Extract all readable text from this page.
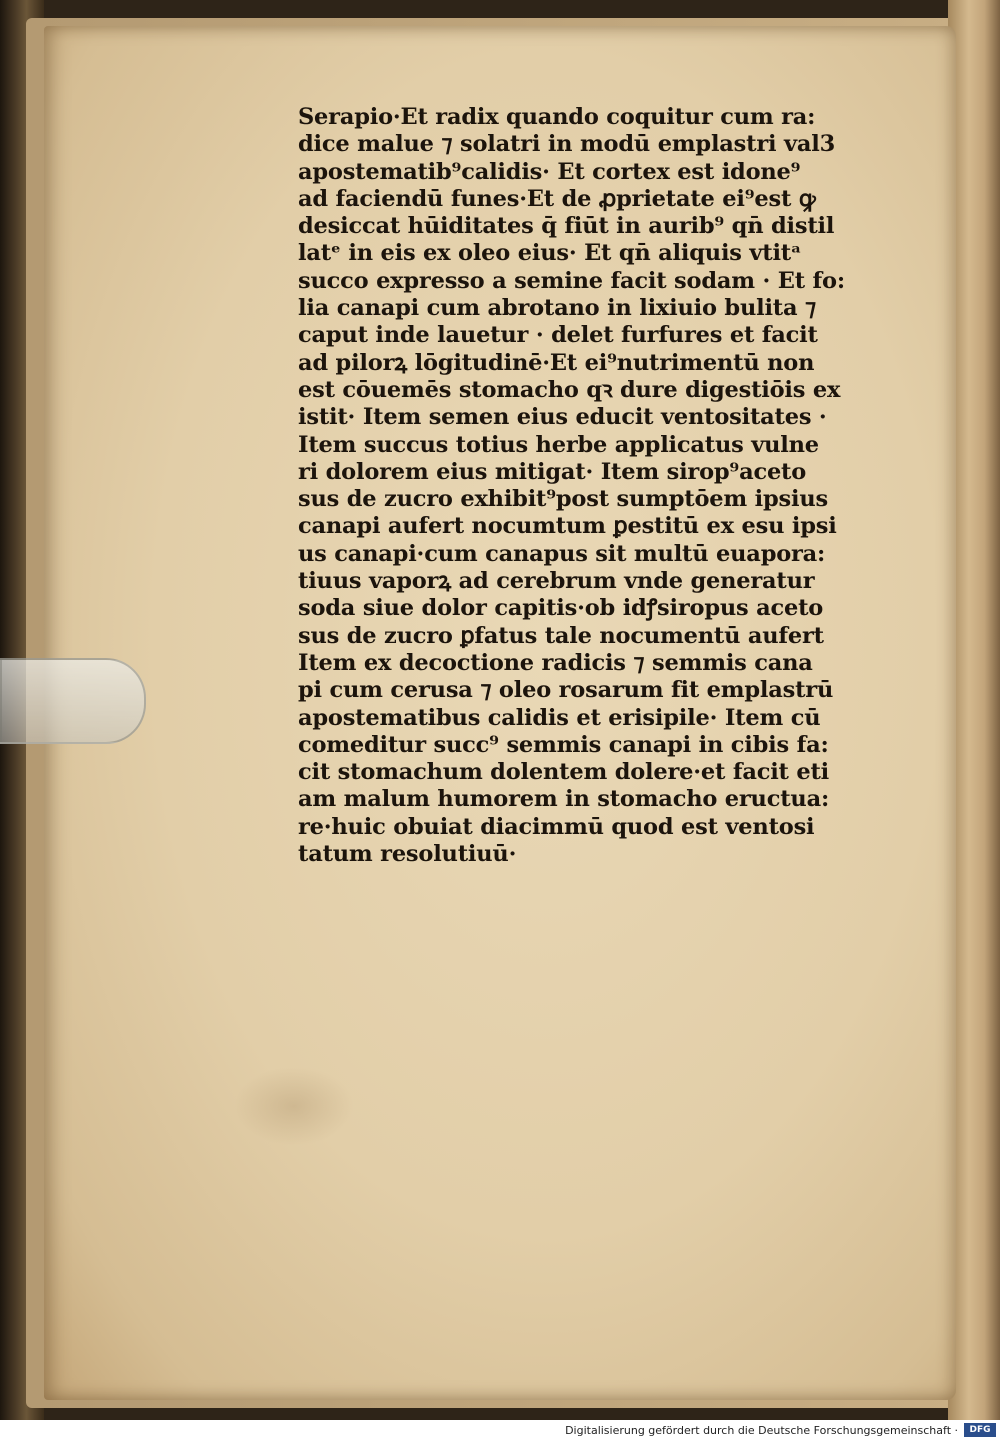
Serapio·Et radix quando coquitur cum ra:
dice malue ⁊ solatri in modū emplastri val3
apostematib⁹calidis· Et cortex est idone⁹
ad faciendū funes·Et de ꝓprietate ei⁹est ꝙ
desiccat hūiditates q̄ fiūt in aurib⁹ qn̄ distil
latᵉ in eis ex oleo eius· Et qn̄ aliquis vtitᵃ
succo expresso a semine facit sodam · Et fo:
lia canapi cum abrotano in lixiuio bulita ⁊
caput inde lauetur · delet furfures et facit
ad pilorꝝ lōgitudinē·Et ei⁹nutrimentū non
est cōuemēs stomacho qꝛ dure digestiōis ex
istit· Item semen eius educit ventositates ·
Item succus totius herbe applicatus vulne
ri dolorem eius mitigat· Item sirop⁹aceto
sus de zucro exhibit⁹post sumptōem ipsius
canapi aufert nocumtum ꝑestitū ex esu ipsi
us canapi·cum canapus sit multū euapora:
tiuus vaporꝝ ad cerebrum vnde generatur
soda siue dolor capitis·ob idꝭsiropus aceto
sus de zucro ꝑfatus tale nocumentū aufert
Item ex decoctione radicis ⁊ semmis cana
pi cum cerusa ⁊ oleo rosarum fit emplastrū
apostematibus calidis et erisipile· Item cū
comeditur succ⁹ semmis canapi in cibis fa:
cit stomachum dolentem dolere·et facit eti
am malum humorem in stomacho eructua:
re·huic obuiat diacimmū quod est ventosi
tatum resolutiuū·
Digitalisierung gefördert durch die Deutsche Forschungsgemeinschaft ·	DFG
